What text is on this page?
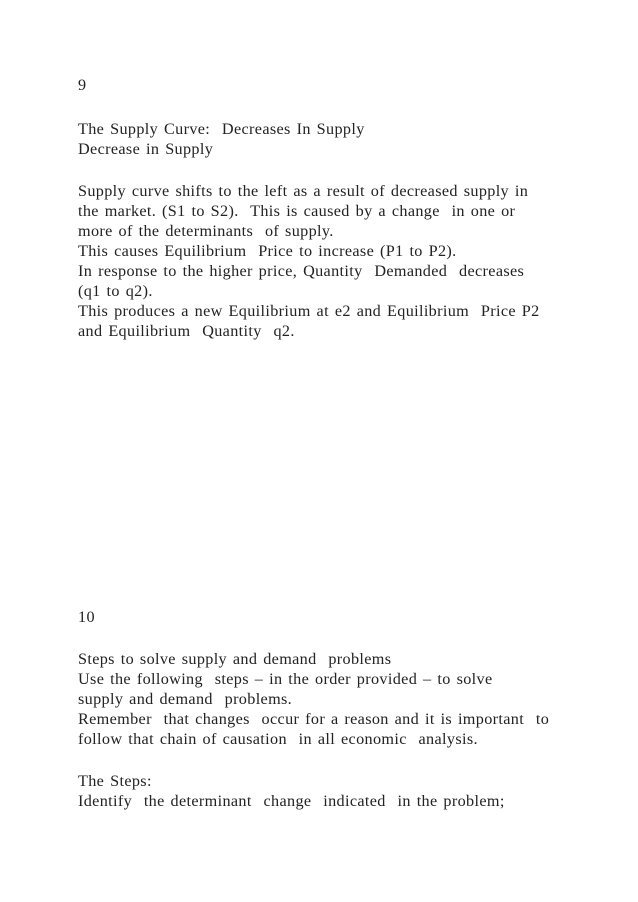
9

The Supply Curve:  Decreases In Supply

Decrease in Supply

Supply curve shifts to the left as a result of decreased supply in

the market. (S1 to S2).  This is caused by a change  in one or

more of the determinants  of supply.

This causes Equilibrium  Price to increase (P1 to P2).

In response to the higher price, Quantity  Demanded  decreases

(q1 to q2).

This produces a new Equilibrium at e2 and Equilibrium  Price P2

and Equilibrium  Quantity  q2.

10

Steps to solve supply and demand  problems

Use the following  steps – in the order provided – to solve

supply and demand  problems.

Remember  that changes  occur for a reason and it is important  to

follow that chain of causation  in all economic  analysis.

The Steps:

Identify  the determinant  change  indicated  in the problem;
